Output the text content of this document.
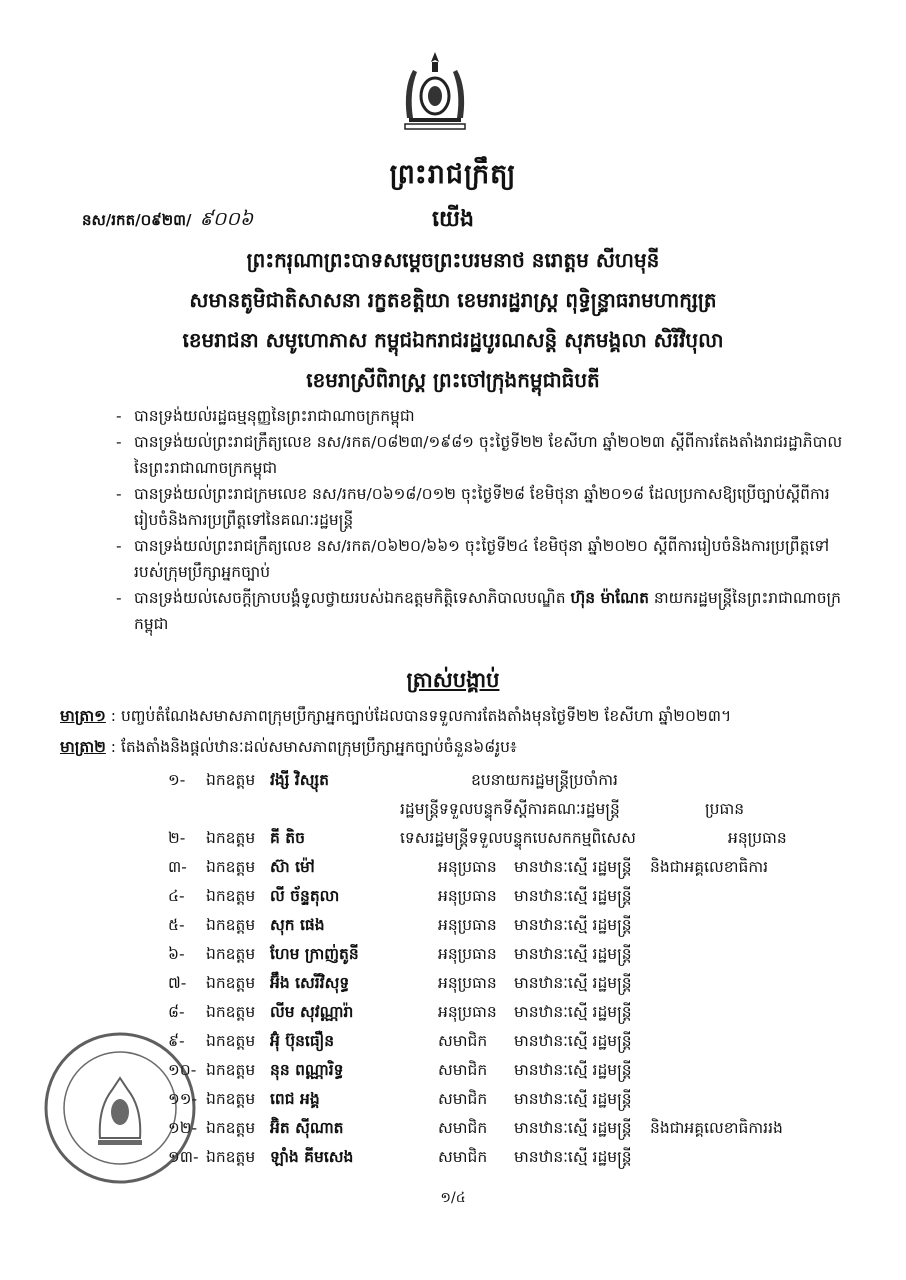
ព្រះរាជក្រឹត្យ
នស/រកត/០៩២៣/ ៩០០៦	យើង
ព្រះករុណាព្រះបាទសម្តេចព្រះបរមនាថ នរោត្តម សីហមុនី
សមានតូមិជាតិសាសនា រក្ខតខត្តិយា ខេមរារដ្ឋរាស្ត្រ ពុទ្ធិន្ទ្រាធរាមហាក្សត្រ
ខេមរាជនា សមូហោភាស កម្ពុជឯករាជរដ្ឋបូរណសន្តិ សុភមង្គលា សិរីវិបុលា
ខេមរាស្រីពិរាស្ត្រ ព្រះចៅក្រុងកម្ពុជាធិបតី
- បានទ្រង់យល់រដ្ឋធម្មនុញ្ញនៃព្រះរាជាណាចក្រកម្ពុជា
- បានទ្រង់យល់ព្រះរាជក្រឹត្យលេខ នស/រកត/០៨២៣/១៩៨១ ចុះថ្ងៃទី២២ ខែសីហា ឆ្នាំ២០២៣ ស្តីពីការតែងតាំងរាជរដ្ឋាភិបាលនៃព្រះរាជាណាចក្រកម្ពុជា
- បានទ្រង់យល់ព្រះរាជក្រមលេខ នស/រកម/០៦១៨/០១២ ចុះថ្ងៃទី២៨ ខែមិថុនា ឆ្នាំ២០១៨ ដែលប្រកាសឱ្យប្រើច្បាប់ស្តីពីការរៀបចំនិងការប្រព្រឹត្តទៅនៃគណៈរដ្ឋមន្ត្រី
- បានទ្រង់យល់ព្រះរាជក្រឹត្យលេខ នស/រកត/០៦២០/៦៦១ ចុះថ្ងៃទី២៤ ខែមិថុនា ឆ្នាំ២០២០ ស្តីពីការរៀបចំនិងការប្រព្រឹត្តទៅរបស់ក្រុមប្រឹក្សាអ្នកច្បាប់
- បានទ្រង់យល់សេចក្តីក្រាបបង្គំទូលថ្វាយរបស់ឯកឧត្តមកិត្តិទេសាភិបាលបណ្ឌិត ហ៊ុន ម៉ាណែត នាយករដ្ឋមន្ត្រីនៃព្រះរាជាណាចក្រកម្ពុជា
ត្រាស់បង្គាប់
មាត្រា១ : បញ្ចប់តំណែងសមាសភាពក្រុមប្រឹក្សាអ្នកច្បាប់ដែលបានទទួលការតែងតាំងមុនថ្ងៃទី២២ ខែសីហា ឆ្នាំ២០២៣។
មាត្រា២ : តែងតាំងនិងផ្តល់ឋានៈដល់សមាសភាពក្រុមប្រឹក្សាអ្នកច្បាប់ចំនួន៦៨រូប៖
១-	ឯកឧត្តម វង្សី វិស្សុត	ឧបនាយករដ្ឋមន្ត្រីប្រចាំការ
រដ្ឋមន្ត្រីទទួលបន្ទុកទីស្តីការគណៈរដ្ឋមន្ត្រី	ប្រធាន
២-	ឯកឧត្តម គី តិច	ទេសរដ្ឋមន្ត្រីទទួលបន្ទុកបេសកកម្មពិសេស	អនុប្រធាន
៣-	ឯកឧត្តម ស៊ា ម៉ៅ	អនុប្រធាន មានឋានៈស្មើ រដ្ឋមន្ត្រី និងជាអគ្គលេខាធិការ
៤-	ឯកឧត្តម លី ច័ន្ទតុលា	អនុប្រធាន មានឋានៈស្មើ រដ្ឋមន្ត្រី
៥-	ឯកឧត្តម សុក ផេង	អនុប្រធាន មានឋានៈស្មើ រដ្ឋមន្ត្រី
៦-	ឯកឧត្តម ហែម ក្រាញ់តូនី	អនុប្រធាន មានឋានៈស្មើ រដ្ឋមន្ត្រី
៧-	ឯកឧត្តម អ៊ឹង សេរីវិសុទ្ធ	អនុប្រធាន មានឋានៈស្មើ រដ្ឋមន្ត្រី
៨-	ឯកឧត្តម លីម សុវណ្ណារ៉ា	អនុប្រធាន មានឋានៈស្មើ រដ្ឋមន្ត្រី
៩-	ឯកឧត្តម អ៊ុំ ប៊ុនធឿន	សមាជិក មានឋានៈស្មើ រដ្ឋមន្ត្រី
១០- ឯកឧត្តម នុន ពណ្ណារិទ្ធ	សមាជិក មានឋានៈស្មើ រដ្ឋមន្ត្រី
១១- ឯកឧត្តម ពេជ អង្គ	សមាជិក មានឋានៈស្មើ រដ្ឋមន្ត្រី
១២- ឯកឧត្តម អ៊ិត ស៊ីណាត	សមាជិក មានឋានៈស្មើ រដ្ឋមន្ត្រី និងជាអគ្គលេខាធិការរង
១៣- ឯកឧត្តម ឡាំង គីមសេង	សមាជិក មានឋានៈស្មើ រដ្ឋមន្ត្រី
១/៤
